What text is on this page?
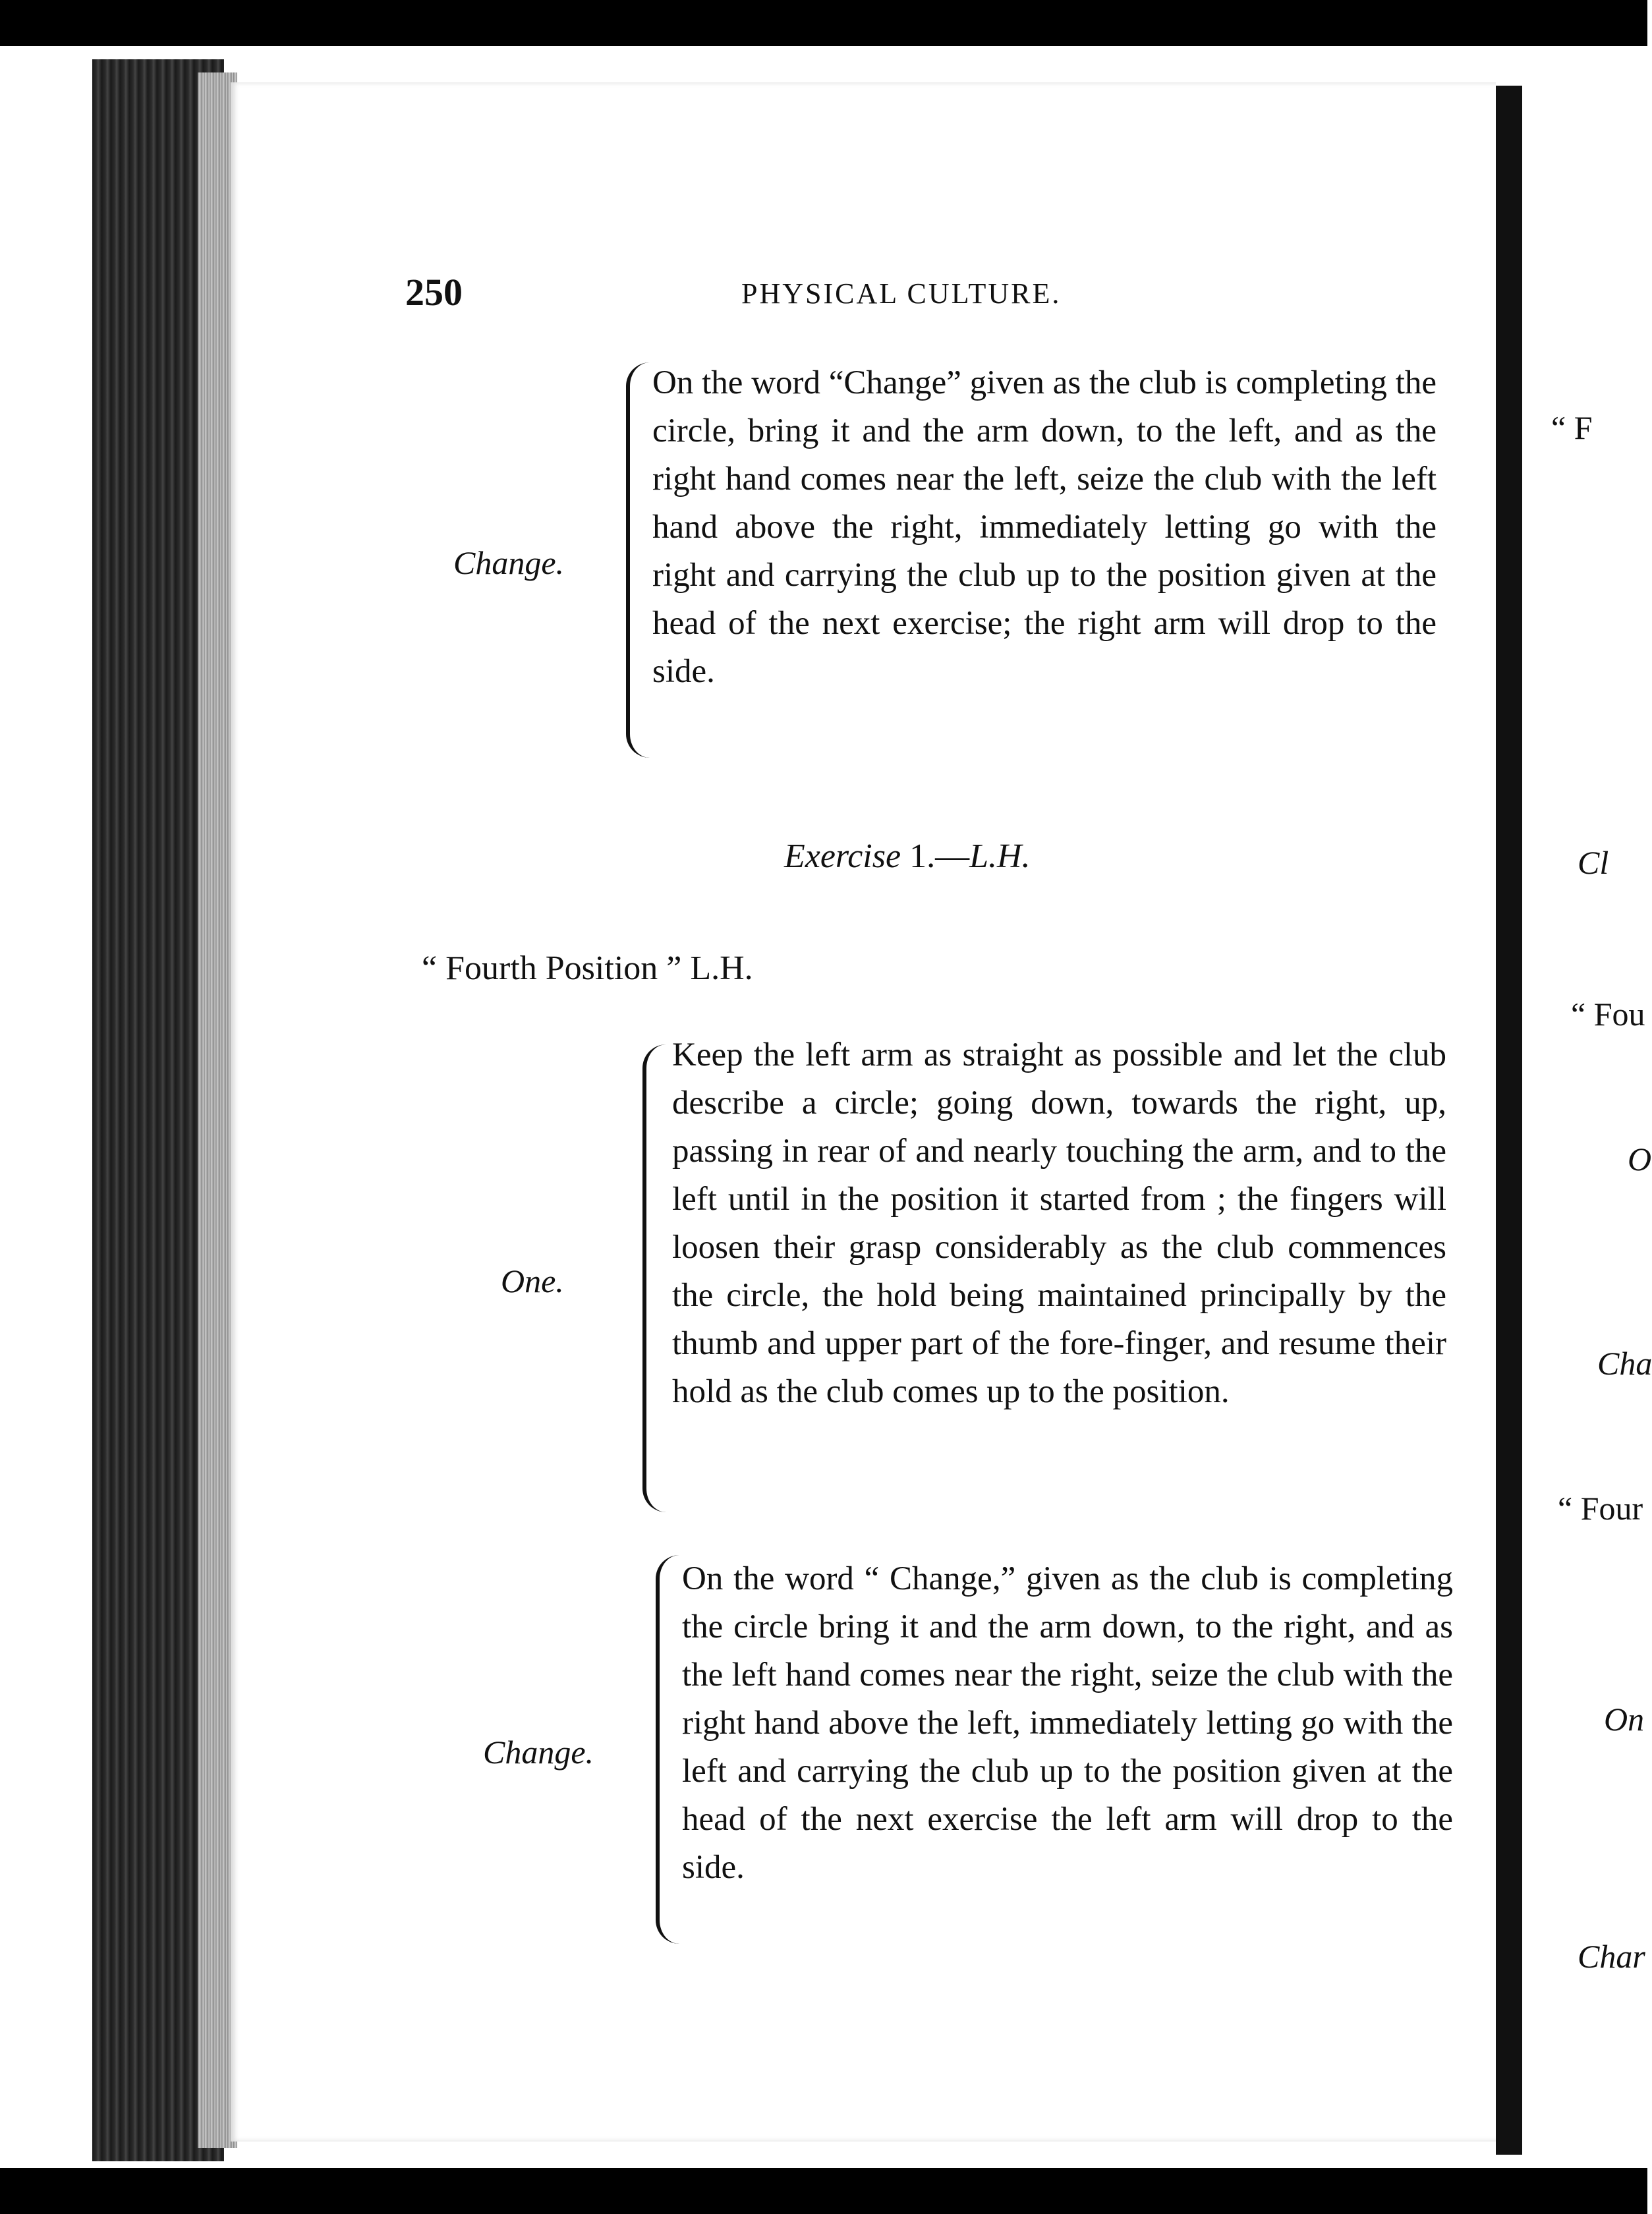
“ F
Cl
“ Fou
O
Cha
“ Four
On
Char
250	PHYSICAL CULTURE.
Change.
On the word “Change” given as the club is completing the circle, bring it and the arm down, to the left, and as the right hand comes near the left, seize the club with the left hand above the right, immediately letting go with the right and carrying the club up to the position given at the head of the next exercise; the right arm will drop to the side.
Exercise 1.—L.H.
“ Fourth Position ” L.H.
One.
Keep the left arm as straight as possible and let the club describe a circle; going down, towards the right, up, passing in rear of and nearly touching the arm, and to the left until in the position it started from ; the fingers will loosen their grasp considerably as the club commences the circle, the hold being maintained principally by the thumb and upper part of the fore-finger, and resume their hold as the club comes up to the position.
Change.
On the word “ Change,” given as the club is completing the circle bring it and the arm down, to the right, and as the left hand comes near the right, seize the club with the right hand above the left, immediately letting go with the left and carrying the club up to the position given at the head of the next exercise the left arm will drop to the side.
